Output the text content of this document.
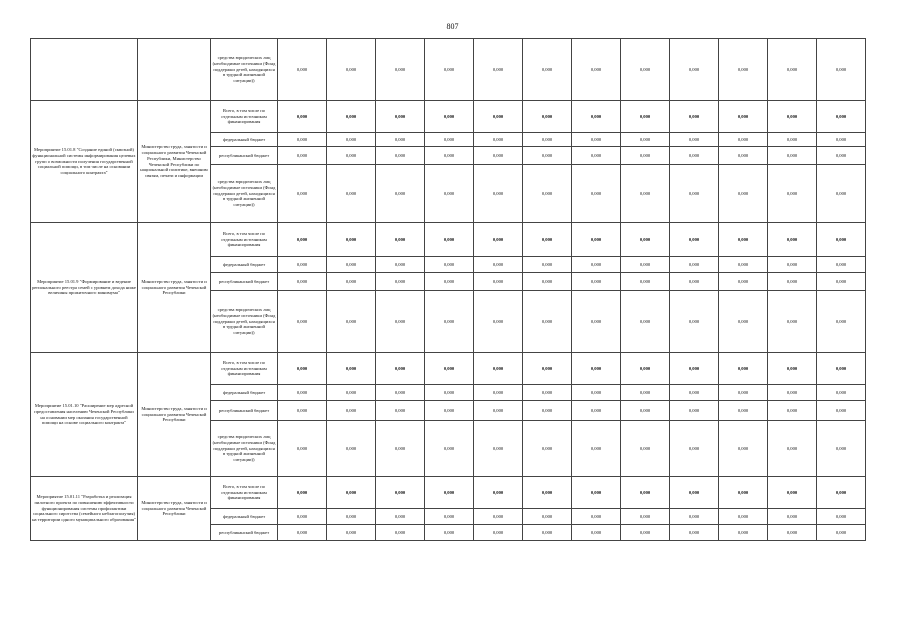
807
		средства юридических лиц (необходимые источники (Фонд поддержки детей, находящихся в трудной жизненной ситуации))	0,000	0,000	0,000	0,000	0,000	0,000	0,000	0,000	0,000	0,000	0,000	0,000
Мероприятие 15.01.8 "Создание единой (сквозной) функциональной системы информирования целевых групп о возможности получения государственной социальной помощи, в том числе на основании социального контракта"	Министерство труда, занятости и социального развития Чеченской Республики, Министерство Чеченской Республики по национальной политике, внешним связям, печати и информации	Всего, в том числе по отдельным источникам финансирования	0,000	0,000	0,000	0,000	0,000	0,000	0,000	0,000	0,000	0,000	0,000	0,000
		федеральный бюджет	0,000	0,000	0,000	0,000	0,000	0,000	0,000	0,000	0,000	0,000	0,000	0,000
		республиканский бюджет	0,000	0,000	0,000	0,000	0,000	0,000	0,000	0,000	0,000	0,000	0,000	0,000
		средства юридических лиц (необходимые источники (Фонд поддержки детей, находящихся в трудной жизненной ситуации))	0,000	0,000	0,000	0,000	0,000	0,000	0,000	0,000	0,000	0,000	0,000	0,000
Мероприятие 15.01.9 "Формирование и ведение регионального реестра семей с уровнем дохода ниже величины прожиточного минимума"	Министерство труда, занятости и социального развития Чеченской Республики	Всего, в том числе по отдельным источникам финансирования	0,000	0,000	0,000	0,000	0,000	0,000	0,000	0,000	0,000	0,000	0,000	0,000
		федеральный бюджет	0,000	0,000	0,000	0,000	0,000	0,000	0,000	0,000	0,000	0,000	0,000	0,000
		республиканский бюджет	0,000	0,000	0,000	0,000	0,000	0,000	0,000	0,000	0,000	0,000	0,000	0,000
		средства юридических лиц (необходимые источники (Фонд поддержки детей, находящихся в трудной жизненной ситуации))	0,000	0,000	0,000	0,000	0,000	0,000	0,000	0,000	0,000	0,000	0,000	0,000
Мероприятие 15.01.10 "Расширение мер адресной предоставления населению Чеченской Республики на основании мер оказания государственной помощи на основе социального контракта"	Министерство труда, занятости и социального развития Чеченской Республики	Всего, в том числе по отдельным источникам финансирования	0,000	0,000	0,000	0,000	0,000	0,000	0,000	0,000	0,000	0,000	0,000	0,000
		федеральный бюджет	0,000	0,000	0,000	0,000	0,000	0,000	0,000	0,000	0,000	0,000	0,000	0,000
		республиканский бюджет	0,000	0,000	0,000	0,000	0,000	0,000	0,000	0,000	0,000	0,000	0,000	0,000
		средства юридических лиц (необходимые источники (Фонд поддержки детей, находящихся в трудной жизненной ситуации))	0,000	0,000	0,000	0,000	0,000	0,000	0,000	0,000	0,000	0,000	0,000	0,000
Мероприятие 15.01.11 "Разработка и реализация пилотного проекта по повышению эффективности функционирования системы профилактики социального сиротства (семейного неблагополучия) на территории одного муниципального образования"	Министерство труда, занятости и социального развития Чеченской Республики	Всего, в том числе по отдельным источникам финансирования	0,000	0,000	0,000	0,000	0,000	0,000	0,000	0,000	0,000	0,000	0,000	0,000
		федеральный бюджет	0,000	0,000	0,000	0,000	0,000	0,000	0,000	0,000	0,000	0,000	0,000	0,000
		республиканский бюджет	0,000	0,000	0,000	0,000	0,000	0,000	0,000	0,000	0,000	0,000	0,000	0,000
